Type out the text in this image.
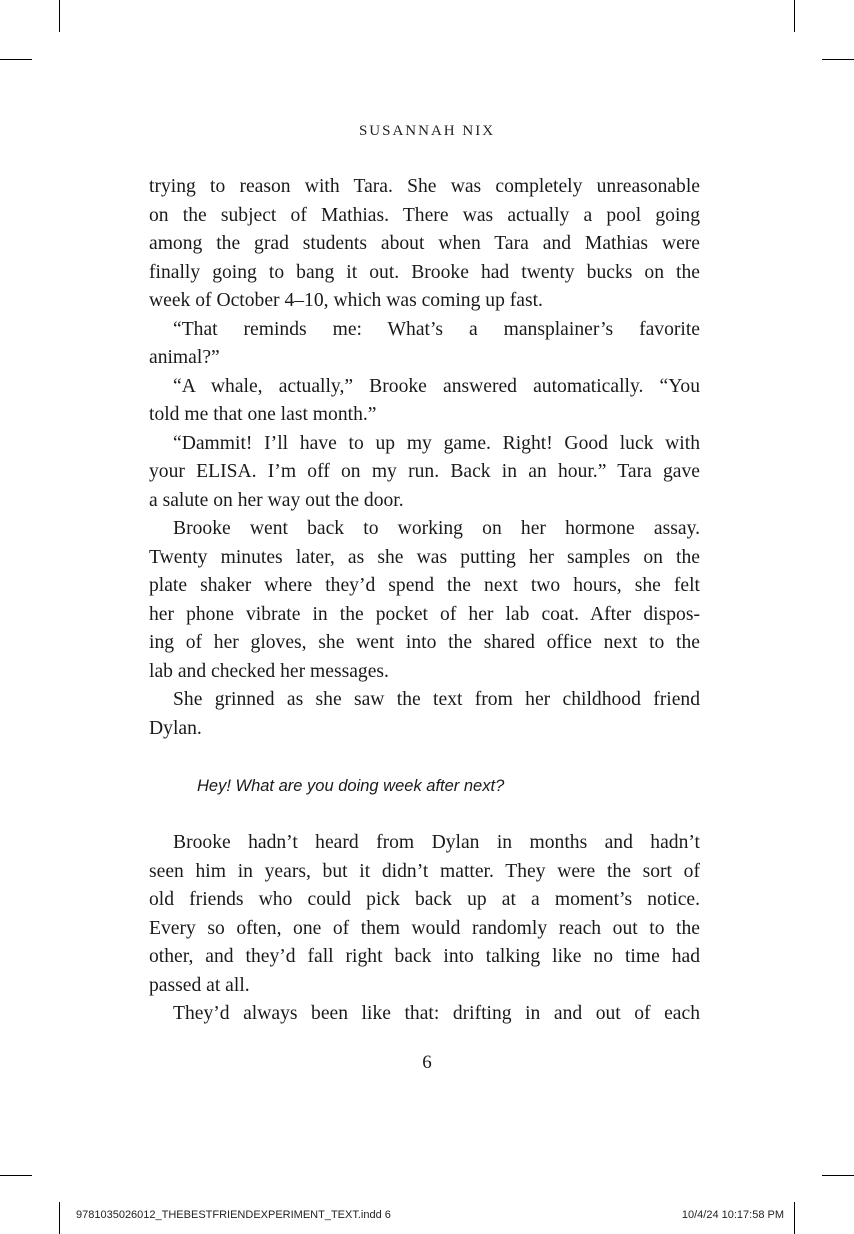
SUSANNAH NIX
trying to reason with Tara. She was completely unreasonable
on the subject of Mathias. There was actually a pool going
among the grad students about when Tara and Mathias were
finally going to bang it out. Brooke had twenty bucks on the
week of October 4–10, which was coming up fast.
“That reminds me: What’s a mansplainer’s favorite
animal?”
“A whale, actually,” Brooke answered automatically. “You
told me that one last month.”
“Dammit! I’ll have to up my game. Right! Good luck with
your ELISA. I’m off on my run. Back in an hour.” Tara gave
a salute on her way out the door.
Brooke went back to working on her hormone assay.
Twenty minutes later, as she was putting her samples on the
plate shaker where they’d spend the next two hours, she felt
her phone vibrate in the pocket of her lab coat. After dispos-
ing of her gloves, she went into the shared office next to the
lab and checked her messages.
She grinned as she saw the text from her childhood friend
Dylan.
Hey! What are you doing week after next?
Brooke hadn’t heard from Dylan in months and hadn’t
seen him in years, but it didn’t matter. They were the sort of
old friends who could pick back up at a moment’s notice.
Every so often, one of them would randomly reach out to the
other, and they’d fall right back into talking like no time had
passed at all.
They’d always been like that: drifting in and out of each
6
9781035026012_THEBESTFRIENDEXPERIMENT_TEXT.indd 6	10/4/24 10:17:58 PM
